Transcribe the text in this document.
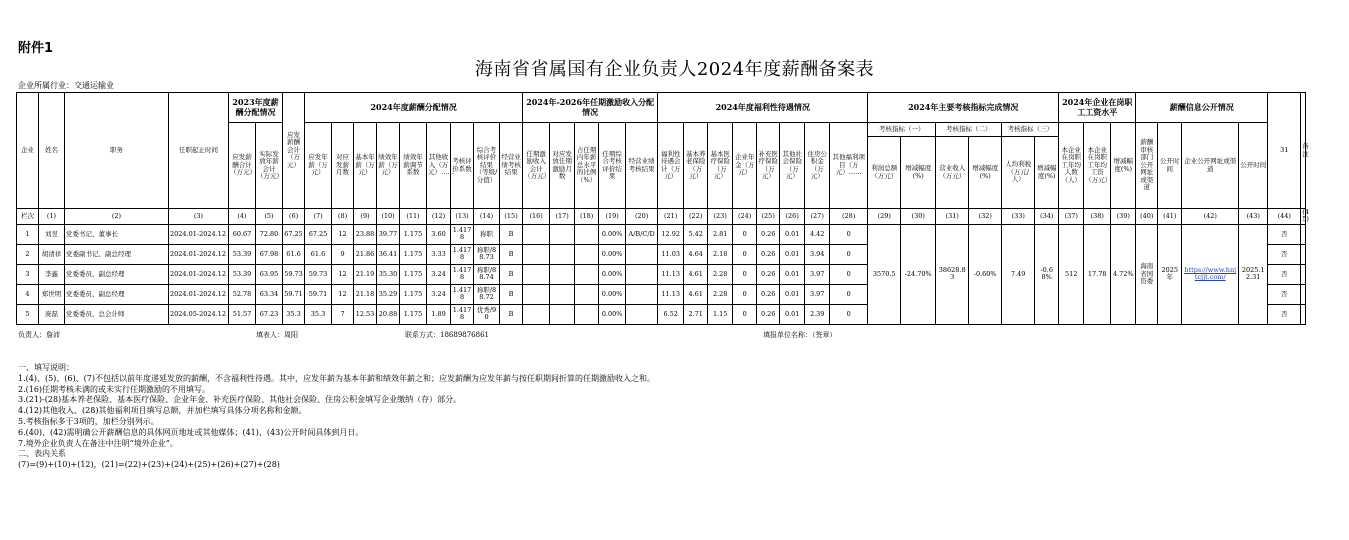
附件1
海南省省属国有企业负责人2024年度薪酬备案表
企业所属行业：交通运输业
企业	姓名	职务	任职起止时间	2023年度薪酬分配情况		应发薪酬会计（万元）	2024年度薪酬分配情况									2024年-2026年任期激励收入分配情况					2024年度福利性待遇情况								2024年主要考核指标完成情况						2024年企业在岗职工工资水平			薪酬信息公开情况				31	备注
				应发薪酬合计（万元）	实际发放年薪会计（万元）		应发年薪（万元）	对应发薪月数	基本年薪（万元）	绩效年薪（万元）	绩效年薪调节系数	其他收入（万元）……	考核评价系数	综合考核评价结果（等级/分值）	经营业绩考核结果	任期激励收入会计（万元）	对应发放任期激励月数	占任期内年薪总水平的比例（%）	任期综合考核评价结果	经营业绩考核结果	福利性待遇会计（万元）	基本养老保险（万元）	基本医疗保险（万元）	企业年金（万元）	补充医疗保险（万元）	其他社会保险（万元）	住房公积金（万元）	其他福利项目（万元）……	考核指标（一）		考核指标（二）		考核指标（三）		本企业在岗职工年均人数（人）	本企业在岗职工年均工资（万元）	增减幅度(%)	薪酬审核部门公开网址或渠道	公开时间	企业公开网址或渠道	公开时间		
																													利润总额（万元）	增减幅度(%)	营业收入（万元）	增减幅度(%)	人均利税（万元/人）	增减幅度(%)									
栏次	(1)	(2)	(3)	(4)	(5)	(6)	(7)	(8)	(9)	(10)	(11)	(12)	(13)	(14)	(15)	(16)	(17)	(18)	(19)	(20)	(21)	(22)	(23)	(24)	(25)	(26)	(27)	(28)	(29)	(30)	(31)	(32)	(33)	(34)	(37)	(38)	(39)	(40)	(41)	(42)	(43)	(44)	(45)
1	刘昱	党委书记、董事长	2024.01-2024.12	60.67	72.80	67.25	67.25	12	23.88	39.77	1.175	3.60	1.4178	称职	B				0.00%	A/B/C/D	12.92	5.42	2.81	0	0.26	0.01	4.42	0	3570.5	-24.70%	38628.83	-0.60%	7.49	-0.68%	512	17.78	4.72%	海南省国资委	2025年	https://www.hnjtcjjt.com/	2025.12.31	否	
2	胡清祥	党委副书记、副总经理	2024.01-2024.12	53.39	67.98	61.6	61.6	9	21.86	36.41	1.175	3.33	1.4178	称职/88.73	B				0.00%		11.03	4.64	2.18	0	0.26	0.01	3.94	0														否	
3	李鑫	党委委员、副总经理	2024.01-2024.12	53.39	63.95	59.73	59.73	12	21.19	35.30	1.175	3.24	1.4178	称职/88.74	B				0.00%		11.13	4.61	2.28	0	0.26	0.01	3.97	0														否	
4	郑世明	党委委员、副总经理	2024.01-2024.12	52.78	63.34	59.71	59.71	12	21.18	35.29	1.175	3.24	1.4178	称职/88.72	B				0.00%		11.13	4.61	2.28	0	0.26	0.01	3.97	0														否	
5	庞磊	党委委员、总会计师	2024.05-2024.12	51.57	67.23	35.3	35.3	7	12.53	20.88	1.175	1.89	1.4178	优秀/90	B				0.00%		6.52	2.71	1.15	0	0.26	0.01	2.39	0														否	
负责人：詹沛	填表人：周阳	联系方式：18689876861	填报单位名称：（签章）
一、填写说明：
1.(4)、(5)、(6)、(7)不包括以前年度递延发放的薪酬，不含福利性待遇。其中，应发年薪为基本年薪和绩效年薪之和；应发薪酬为应发年薪与按任职期间折算的任期激励收入之和。
2.(16)任期考核未满的或未实行任期激励的不用填写。
3.(21)-(28)基本养老保险、基本医疗保险、企业年金、补充医疗保险、其他社会保险、住房公积金填写企业缴纳（存）部分。
4.(12)其他收入、(28)其他福利项目填写总额，并加栏填写具体分项名称和金额。
5.考核指标多于3项的，加栏分别列示。
6.(40)、(42)需明确公开薪酬信息的具体网页地址或其他媒体；(41)、(43)公开时间具体到月日。
7.境外企业负责人在备注中注明“境外企业”。
二、表内关系
(7)=(9)+(10)+(12)，(21)=(22)+(23)+(24)+(25)+(26)+(27)+(28)
